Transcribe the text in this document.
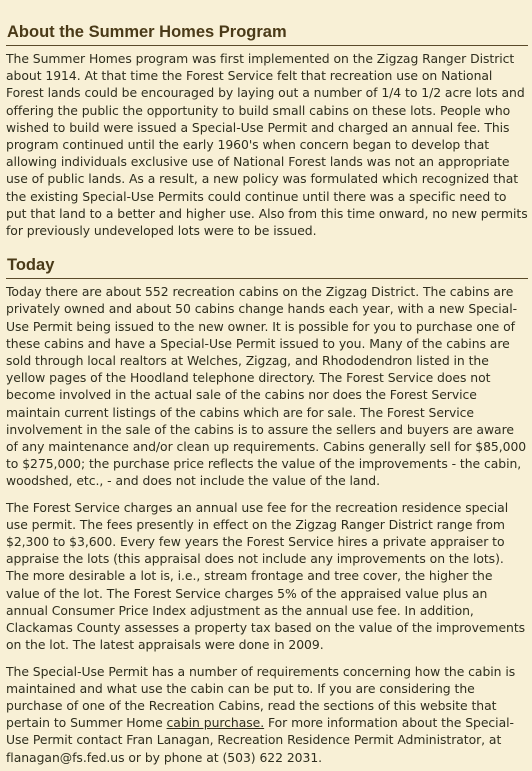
About the Summer Homes Program

The Summer Homes program was first implemented on the Zigzag Ranger District about 1914. At that time the Forest Service felt that recreation use on National Forest lands could be encouraged by laying out a number of 1/4 to 1/2 acre lots and offering the public the opportunity to build small cabins on these lots. People who wished to build were issued a Special-Use Permit and charged an annual fee. This program continued until the early 1960's when concern began to develop that allowing individuals exclusive use of National Forest lands was not an appropriate use of public lands. As a result, a new policy was formulated which recognized that the existing Special-Use Permits could continue until there was a specific need to put that land to a better and higher use. Also from this time onward, no new permits for previously undeveloped lots were to be issued.

Today

Today there are about 552 recreation cabins on the Zigzag District. The cabins are privately owned and about 50 cabins change hands each year, with a new Special-Use Permit being issued to the new owner. It is possible for you to purchase one of these cabins and have a Special-Use Permit issued to you. Many of the cabins are sold through local realtors at Welches, Zigzag, and Rhododendron listed in the yellow pages of the Hoodland telephone directory. The Forest Service does not become involved in the actual sale of the cabins nor does the Forest Service maintain current listings of the cabins which are for sale. The Forest Service involvement in the sale of the cabins is to assure the sellers and buyers are aware of any maintenance and/or clean up requirements. Cabins generally sell for $85,000 to $275,000; the purchase price reflects the value of the improvements - the cabin, woodshed, etc., - and does not include the value of the land.

The Forest Service charges an annual use fee for the recreation residence special use permit. The fees presently in effect on the Zigzag Ranger District range from $2,300 to $3,600. Every few years the Forest Service hires a private appraiser to appraise the lots (this appraisal does not include any improvements on the lots). The more desirable a lot is, i.e., stream frontage and tree cover, the higher the value of the lot. The Forest Service charges 5% of the appraised value plus an annual Consumer Price Index adjustment as the annual use fee. In addition, Clackamas County assesses a property tax based on the value of the improvements on the lot. The latest appraisals were done in 2009.

The Special-Use Permit has a number of requirements concerning how the cabin is maintained and what use the cabin can be put to. If you are considering the purchase of one of the Recreation Cabins, read the sections of this website that pertain to Summer Home cabin purchase. For more information about the Special-Use Permit contact Fran Lanagan, Recreation Residence Permit Administrator, at flanagan@fs.fed.us or by phone at (503) 622 2031.
